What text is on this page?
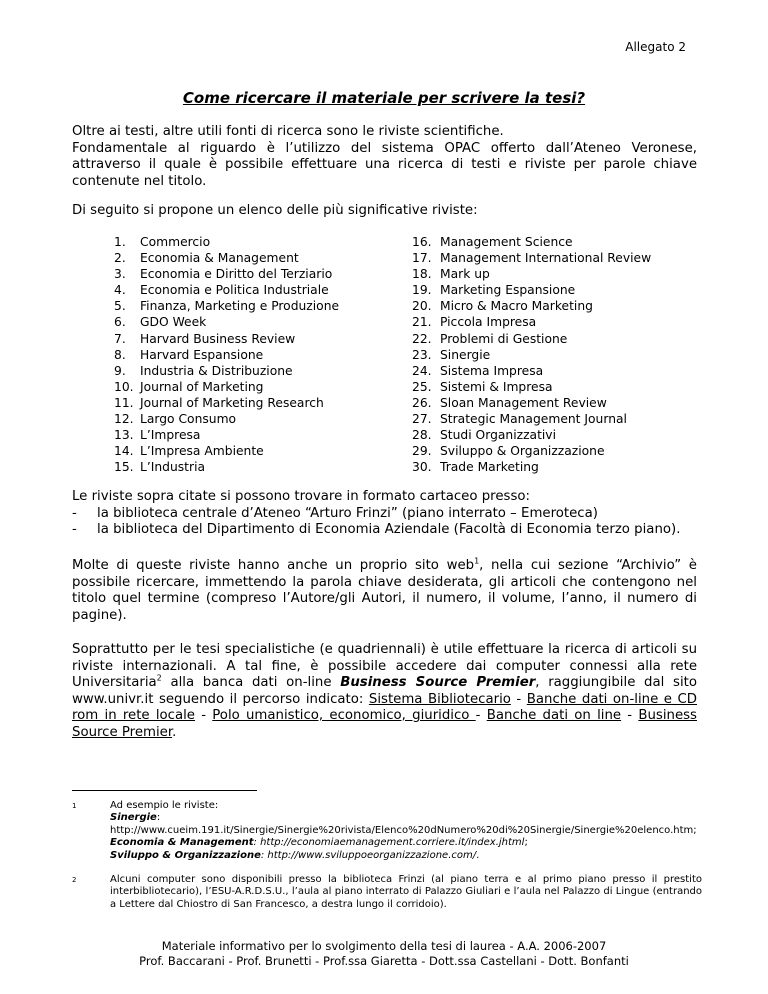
Allegato 2
Come ricercare il materiale per scrivere la tesi?

Oltre ai testi, altre utili fonti di ricerca sono le riviste scientifiche.

Fondamentale al riguardo è l’utilizzo del sistema OPAC offerto dall’Ateneo Veronese, attraverso il quale è possibile effettuare una ricerca di testi e riviste per parole chiave contenute nel titolo.

Di seguito si propone un elenco delle più significative riviste:
1. Commercio
2. Economia & Management
3. Economia e Diritto del Terziario
4. Economia e Politica Industriale
5. Finanza, Marketing e Produzione
6. GDO Week
7. Harvard Business Review
8. Harvard Espansione
9. Industria & Distribuzione
10. Journal of Marketing
11. Journal of Marketing Research
12. Largo Consumo
13. L’Impresa
14. L’Impresa Ambiente
15. L’Industria
16. Management Science
17. Management International Review
18. Mark up
19. Marketing Espansione
20. Micro & Macro Marketing
21. Piccola Impresa
22. Problemi di Gestione
23. Sinergie
24. Sistema Impresa
25. Sistemi & Impresa
26. Sloan Management Review
27. Strategic Management Journal
28. Studi Organizzativi
29. Sviluppo & Organizzazione
30. Trade Marketing

Le riviste sopra citate si possono trovare in formato cartaceo presso:

-	la biblioteca centrale d’Ateneo “Arturo Frinzi” (piano interrato – Emeroteca)
-	la biblioteca del Dipartimento di Economia Aziendale (Facoltà di Economia terzo piano).
Molte di queste riviste hanno anche un proprio sito web$^1$, nella cui sezione “Archivio” è possibile ricercare, immettendo la parola chiave desiderata, gli articoli che contengono nel titolo quel termine (compreso l’Autore/gli Autori, il numero, il volume, l’anno, il numero di pagine).
Soprattutto per le tesi specialistiche (e quadriennali) è utile effettuare la ricerca di articoli su riviste internazionali. A tal fine, è possibile accedere dai computer connessi alla rete Universitaria$^2$ alla banca dati on-line Business Source Premier, raggiungibile dal sito www.univr.it seguendo il percorso indicato: Sistema Bibliotecario - Banche dati on-line e CD rom in rete locale - Polo umanistico, economico, giuridico - Banche dati on line - Business Source Premier.
1	Ad esempio le riviste:
Sinergie:
http://www.cueim.191.it/Sinergie/Sinergie%20rivista/Elenco%20dNumero%20di%20Sinergie/Sinergie%20elenco.htm;
Economia & Management: http://economiaemanagement.corriere.it/index.jhtml;
Sviluppo & Organizzazione: http://www.sviluppoeorganizzazione.com/.
2	Alcuni computer sono disponibili presso la biblioteca Frinzi (al piano terra e al primo piano presso il prestito interbibliotecario), l’ESU-A.R.D.S.U., l’aula al piano interrato di Palazzo Giuliari e l’aula nel Palazzo di Lingue (entrando a Lettere dal Chiostro di San Francesco, a destra lungo il corridoio).
Materiale informativo per lo svolgimento della tesi di laurea - A.A. 2006-2007
Prof. Baccarani - Prof. Brunetti - Prof.ssa Giaretta - Dott.ssa Castellani - Dott. Bonfanti
